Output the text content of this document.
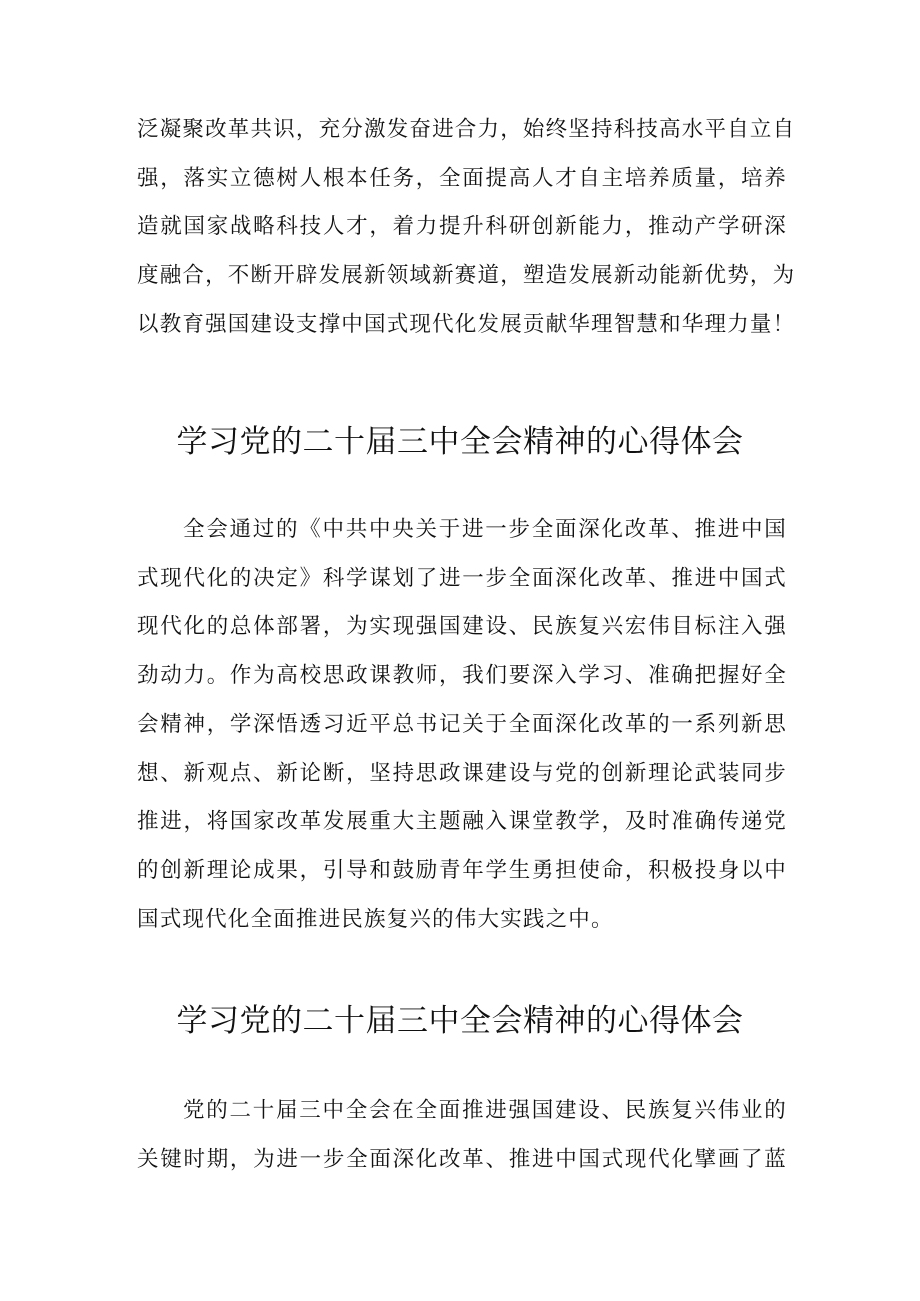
泛凝聚改革共识，充分激发奋进合力，始终坚持科技高水平自立自
强，落实立德树人根本任务，全面提高人才自主培养质量，培养
造就国家战略科技人才，着力提升科研创新能力，推动产学研深
度融合，不断开辟发展新领域新赛道，塑造发展新动能新优势，为
以教育强国建设支撑中国式现代化发展贡献华理智慧和华理力量！

学习党的二十届三中全会精神的心得体会

全会通过的《中共中央关于进一步全面深化改革、推进中国
式现代化的决定》科学谋划了进一步全面深化改革、推进中国式
现代化的总体部署，为实现强国建设、民族复兴宏伟目标注入强
劲动力。作为高校思政课教师，我们要深入学习、准确把握好全
会精神，学深悟透习近平总书记关于全面深化改革的一系列新思
想、新观点、新论断，坚持思政课建设与党的创新理论武装同步
推进，将国家改革发展重大主题融入课堂教学，及时准确传递党
的创新理论成果，引导和鼓励青年学生勇担使命，积极投身以中
国式现代化全面推进民族复兴的伟大实践之中。

学习党的二十届三中全会精神的心得体会

党的二十届三中全会在全面推进强国建设、民族复兴伟业的
关键时期，为进一步全面深化改革、推进中国式现代化擘画了蓝
